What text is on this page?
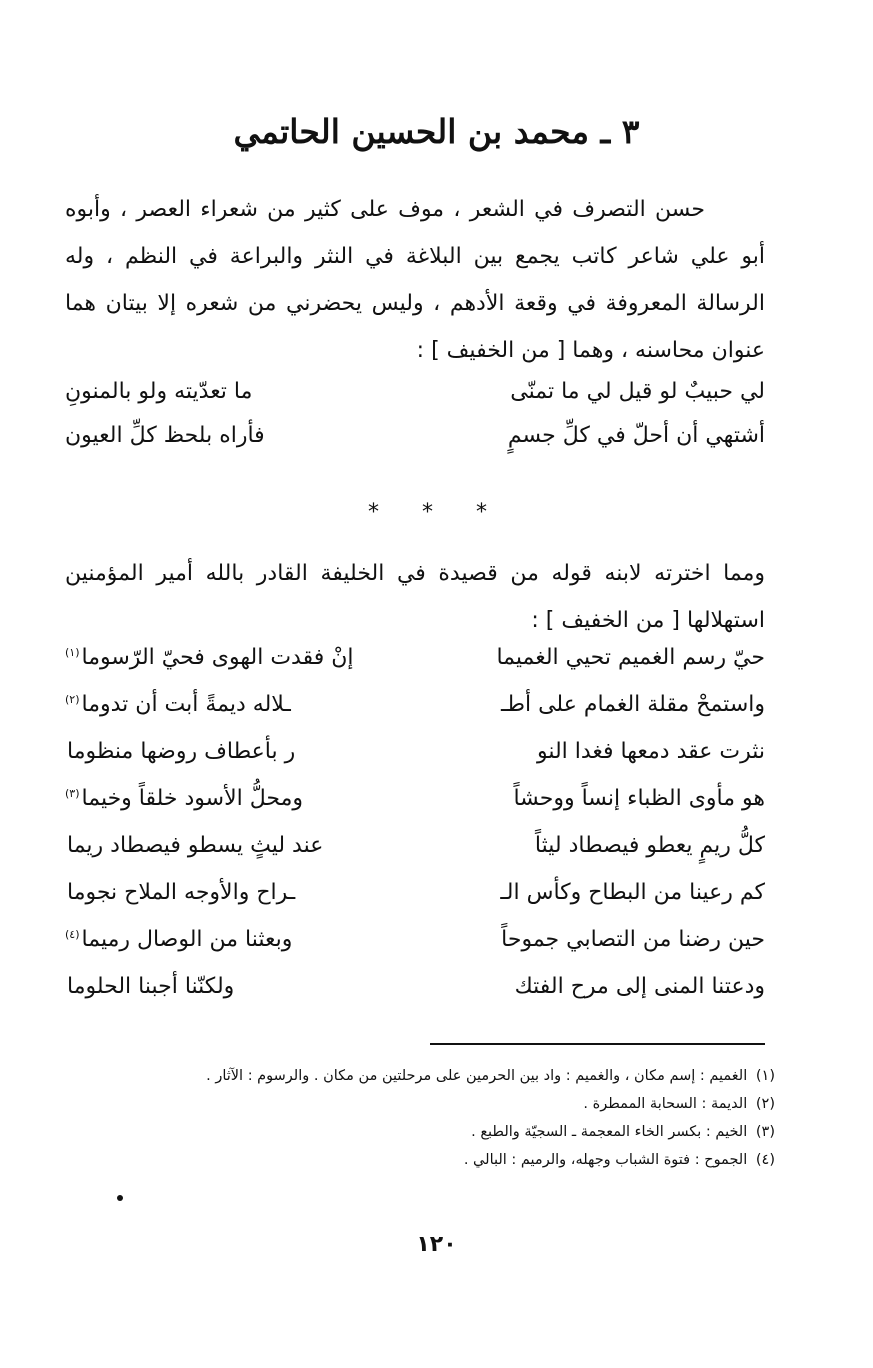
٣ ـ محمد بن الحسين الحاتمي

حسن التصرف في الشعر ، موف على كثير من شعراء العصر ، وأبوه أبو علي شاعر كاتب يجمع بين البلاغة في النثر والبراعة في النظم ، وله الرسالة المعروفة في وقعة الأدهم ، وليس يحضرني من شعره إلا بيتان هما عنوان محاسنه ، وهما [ من الخفيف ] :

لي حبيبٌ لو قيل لي ما تمنّى
ما تعدّيته ولو بالمنونِ
أشتهي أن أحلّ في كلِّ جسمٍ
فأراه بلحظ كلِّ العيون
* * *

ومما اخترته لابنه قوله من قصيدة في الخليفة القادر بالله أمير المؤمنين استهلالها [ من الخفيف ] :

حيّ رسم الغميم تحيي الغميما
إنْ فقدت الهوى فحيّ الرّسوما$^{(١)}$
واستمحْ مقلة الغمام على أطـ
ـلاله ديمةً أبت أن تدوما$^{(٢)}$
نثرت عقد دمعها فغدا النو
ر بأعطاف روضها منظوما
هو مأوى الظباء إنساً ووحشاً
ومحلُّ الأسود خلقاً وخيما$^{(٣)}$
كلُّ ريمٍ يعطو فيصطاد ليثاً
عند ليثٍ يسطو فيصطاد ريما
كم رعينا من البطاح وكأس الـ
ـراح والأوجه الملاح نجوما
حين رضنا من التصابي جموحاً
وبعثنا من الوصال رميما$^{(٤)}$
ودعتنا المنى إلى مرح الفتك
ولكنّنا أجبنا الحلوما
(١) الغميم : إسم مكان ، والغميم : واد بين الحرمين على مرحلتين من مكان . والرسوم : الآثار .
(٢) الديمة : السحابة الممطرة .
(٣) الخيم : بكسر الخاء المعجمة ـ السجيّة والطبع .
(٤) الجموح : فتوة الشباب وجهله، والرميم : البالي .
١٢٠
